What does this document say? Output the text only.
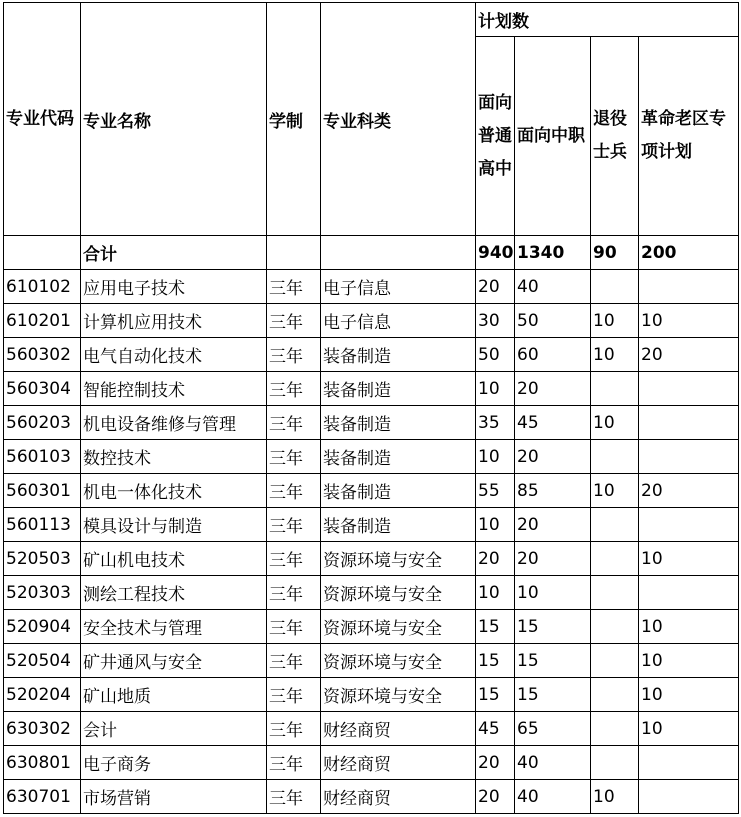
专业代码	专业名称	学制	专业科类	计划数			
				面向普通高中	面向中职	退役士兵	革命老区专项计划
	合计			940	1340	90	200
610102	应用电子技术	三年	电子信息	20	40		
610201	计算机应用技术	三年	电子信息	30	50	10	10
560302	电气自动化技术	三年	装备制造	50	60	10	20
560304	智能控制技术	三年	装备制造	10	20		
560203	机电设备维修与管理	三年	装备制造	35	45	10	
560103	数控技术	三年	装备制造	10	20		
560301	机电一体化技术	三年	装备制造	55	85	10	20
560113	模具设计与制造	三年	装备制造	10	20		
520503	矿山机电技术	三年	资源环境与安全	20	20		10
520303	测绘工程技术	三年	资源环境与安全	10	10		
520904	安全技术与管理	三年	资源环境与安全	15	15		10
520504	矿井通风与安全	三年	资源环境与安全	15	15		10
520204	矿山地质	三年	资源环境与安全	15	15		10
630302	会计	三年	财经商贸	45	65		10
630801	电子商务	三年	财经商贸	20	40		
630701	市场营销	三年	财经商贸	20	40	10	
